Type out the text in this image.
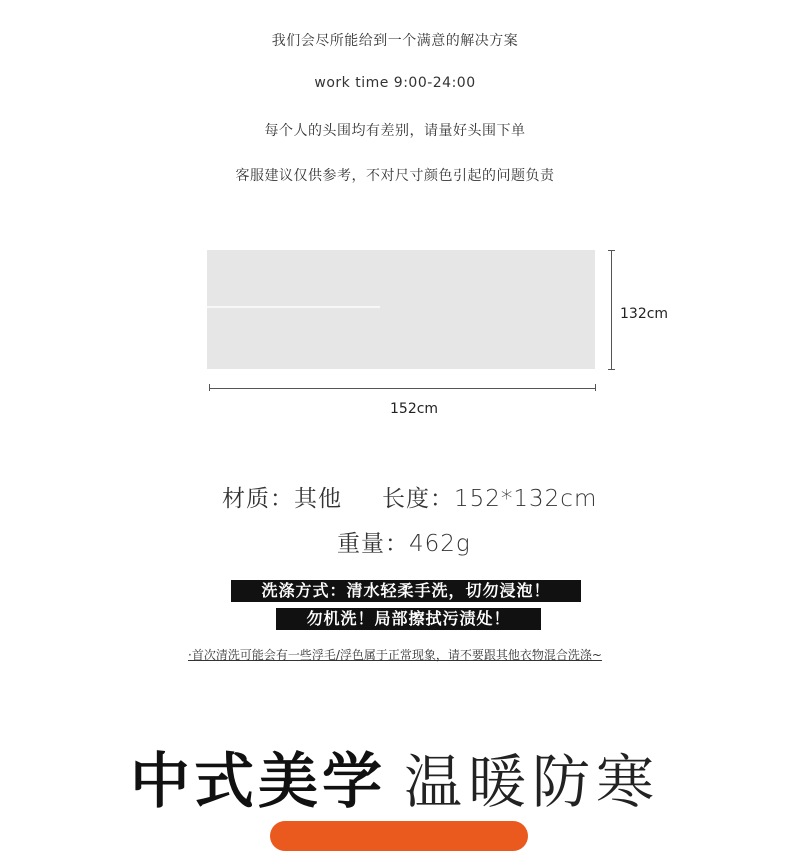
我们会尽所能给到一个满意的解决方案
work time 9:00-24:00
每个人的头围均有差别，请量好头围下单
客服建议仅供参考，不对尺寸颜色引起的问题负责
152cm
132cm
材质：其他 长度：152*132cm
重量：462g
洗涤方式：清水轻柔手洗，切勿浸泡！
勿机洗！局部擦拭污渍处！
·首次清洗可能会有一些浮毛/浮色属于正常现象，请不要跟其他衣物混合洗涤~
中式美学 温暖防寒
